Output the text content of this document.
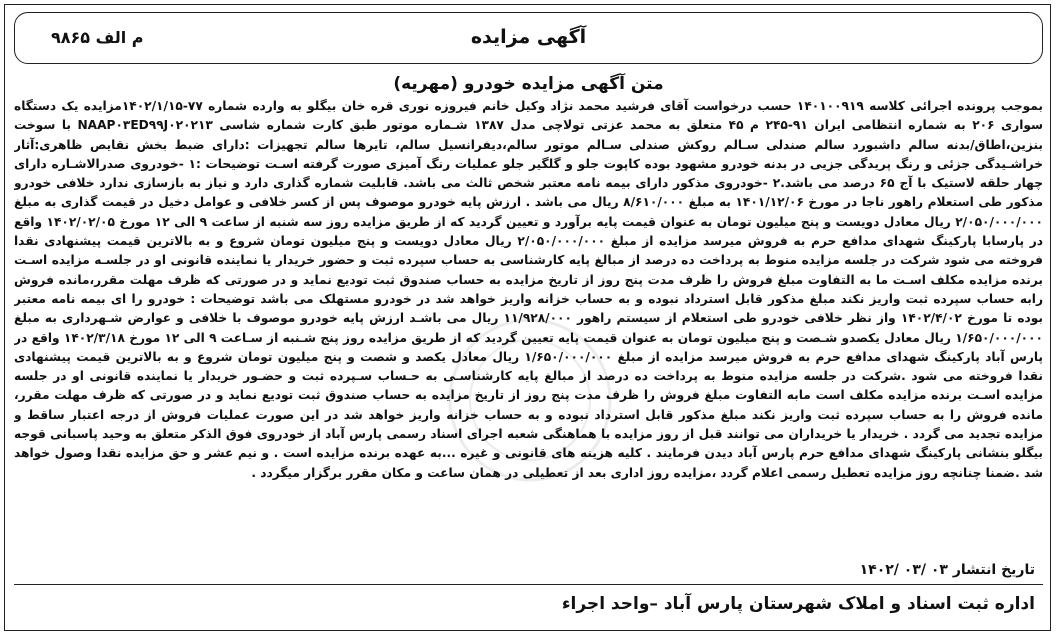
آگهی مزایده
م الف ۹۸۶۵
متن آگهی مزایده خودرو (مهریه)

بموجب پرونده اجرائی کلاسه ۱۴۰۱۰۰۹۱۹ حسب درخواست آقای فرشید محمد نژاد وکیل خانم فیروزه نوری قره خان بیگلو به وارده شماره ۷۷-۱۴۰۲/۱/۱۵مزایده یک دستگاه سواری ۲۰۶ به شماره انتظامی ایران ۹۱-۲۴۵ م ۴۵ متعلق به محمد عزتی تولاچی مدل ۱۳۸۷ شـماره موتور طبق کارت شماره شاسی NAAP۰۳ED۹۹J۰۲۰۲۱۳ با سوخت بنزین،اطاق/بدنه سالم داشبورد سالم صندلی سـالم روکش صندلی سـالم موتور سالم،دیفرانسیل سالم، تایرها سالم تجهیزات :دارای ضبط بخش نقایص ظاهری:آثار خراشـیدگی جزئی و رنگ پریدگی جزیی در بدنه خودرو مشهود بوده کاپوت جلو و گلگیر جلو عملیات رنگ آمیزی صورت گرفته اسـت توضیحات :۱ -خودروی صدرالاشـاره دارای چهار حلقه لاستیک با آج ۶۵ درصد می باشد.۲ -خودروی مذکور دارای بیمه نامه معتبر شخص ثالث می باشد. قابلیت شماره گذاری دارد و نیاز به بازسازی ندارد خلافی خودرو مذکور طی استعلام راهور ناجا در مورخ ۱۴۰۱/۱۲/۰۶ به مبلغ ۸/۶۱۰/۰۰۰ ریال می باشد . ارزش پایه خودرو موصوف پس از کسر خلافی و عوامل دخیل در قیمت گذاری به مبلغ ۲/۰۵۰/۰۰۰/۰۰۰ ریال معادل دویست و پنج میلیون تومان به عنوان قیمت پایه برآورد و تعیین گردید که از طریق مزایده روز سه شنبه از ساعت ۹ الی ۱۲ مورخ ۱۴۰۲/۰۲/۰۵ واقع در پارسابا پارکینگ شهدای مدافع حرم به فروش میرسد مزایده از مبلغ ۲/۰۵۰/۰۰۰/۰۰۰ ریال معادل دویست و پنج میلیون تومان شروع و به بالاترین قیمت پیشنهادی نقدا فروخته می شود شرکت در جلسه مزایده منوط به پرداخت ده درصد از مبالغ پایه کارشناسی به حساب سپرده ثبت و حضور خریدار یا نماینده قانونی او در جلسـه مزایده اسـت برنده مزایده مکلف اسـت ما به التفاوت مبلغ فروش را ظرف مدت پنج روز از تاریخ مزایده به حساب صندوق ثبت تودیع نماید و در صورتی که ظرف مهلت مقرر،مانده فروش رابه حساب سپرده ثبت واریز نکند مبلغ مذکور قابل استرداد نبوده و به حساب خزانه واریز خواهد شد در خودرو مستهلک می باشد توضیحات : خودرو را ای بیمه نامه معتبر بوده تا مورخ ۱۴۰۲/۴/۰۲ واز نظر خلافی خودرو طی استعلام از سیستم راهور ۱۱/۹۲۸/۰۰۰ ریال می باشـد ارزش پایه خودرو موصوف با خلافی و عوارض شـهرداری به مبلغ ۱/۶۵۰/۰۰۰/۰۰۰ ریال معادل یکصدو شـصت و پنج میلیون تومان به عنوان قیمت پایه تعیین گردید که از طریق مزایده روز پنج شـنبه از سـاعت ۹ الی ۱۲ مورخ ۱۴۰۲/۳/۱۸ واقع در پارس آباد پارکینگ شهدای مدافع حرم به فروش میرسد مزایده از مبلغ ۱/۶۵۰/۰۰۰/۰۰۰ ریال معادل یکصد و شصت و پنج میلیون تومان شروع و به بالاترین قیمت پیشنهادی نقدا فروخته می شود .شرکت در جلسه مزایده منوط به پرداخت ده درصد از مبالغ پایه کارشناسـی به حـساب سـپرده ثبت و حضـور خریدار یا نماینده قانونی او در جلسه مزایده اسـت برنده مزایده مکلف است مابه التفاوت مبلغ فروش را ظرف مدت پنج روز از تاریخ مزایده به حساب صندوق ثبت تودیع نماید و در صورتی که ظرف مهلت مقرر، مانده فروش را به حساب سپرده ثبت واریز نکند مبلغ مذکور قابل استرداد نبوده و به حساب خزانه واریز خواهد شد در این صورت عملیات فروش از درجه اعتبار ساقط و مزایده تجدید می گردد . خریدار یا خریداران می توانند قبل از روز مزایده با هماهنگی شعبه اجرای اسناد رسمی پارس آباد از خودروی فوق الذکر متعلق به وحید پاسبانی قوجه بیگلو بنشانی پارکینگ شهدای مدافع حرم پارس آباد دیدن فرمایند . کلیه هزینه های قانونی و غیره ...به عهده برنده مزایده است . و نیم عشر و حق مزایده نقدا وصول خواهد شد .ضمنا چنانچه روز مزایده تعطیل رسمی اعلام گردد ،مزایده روز اداری بعد از تعطیلی در همان ساعت و مکان مقرر برگزار میگردد .

تاریخ انتشار ۰۳ /۰۳ /۱۴۰۲
اداره ثبت اسناد و املاک شهرستان پارس آباد –واحد اجراء
